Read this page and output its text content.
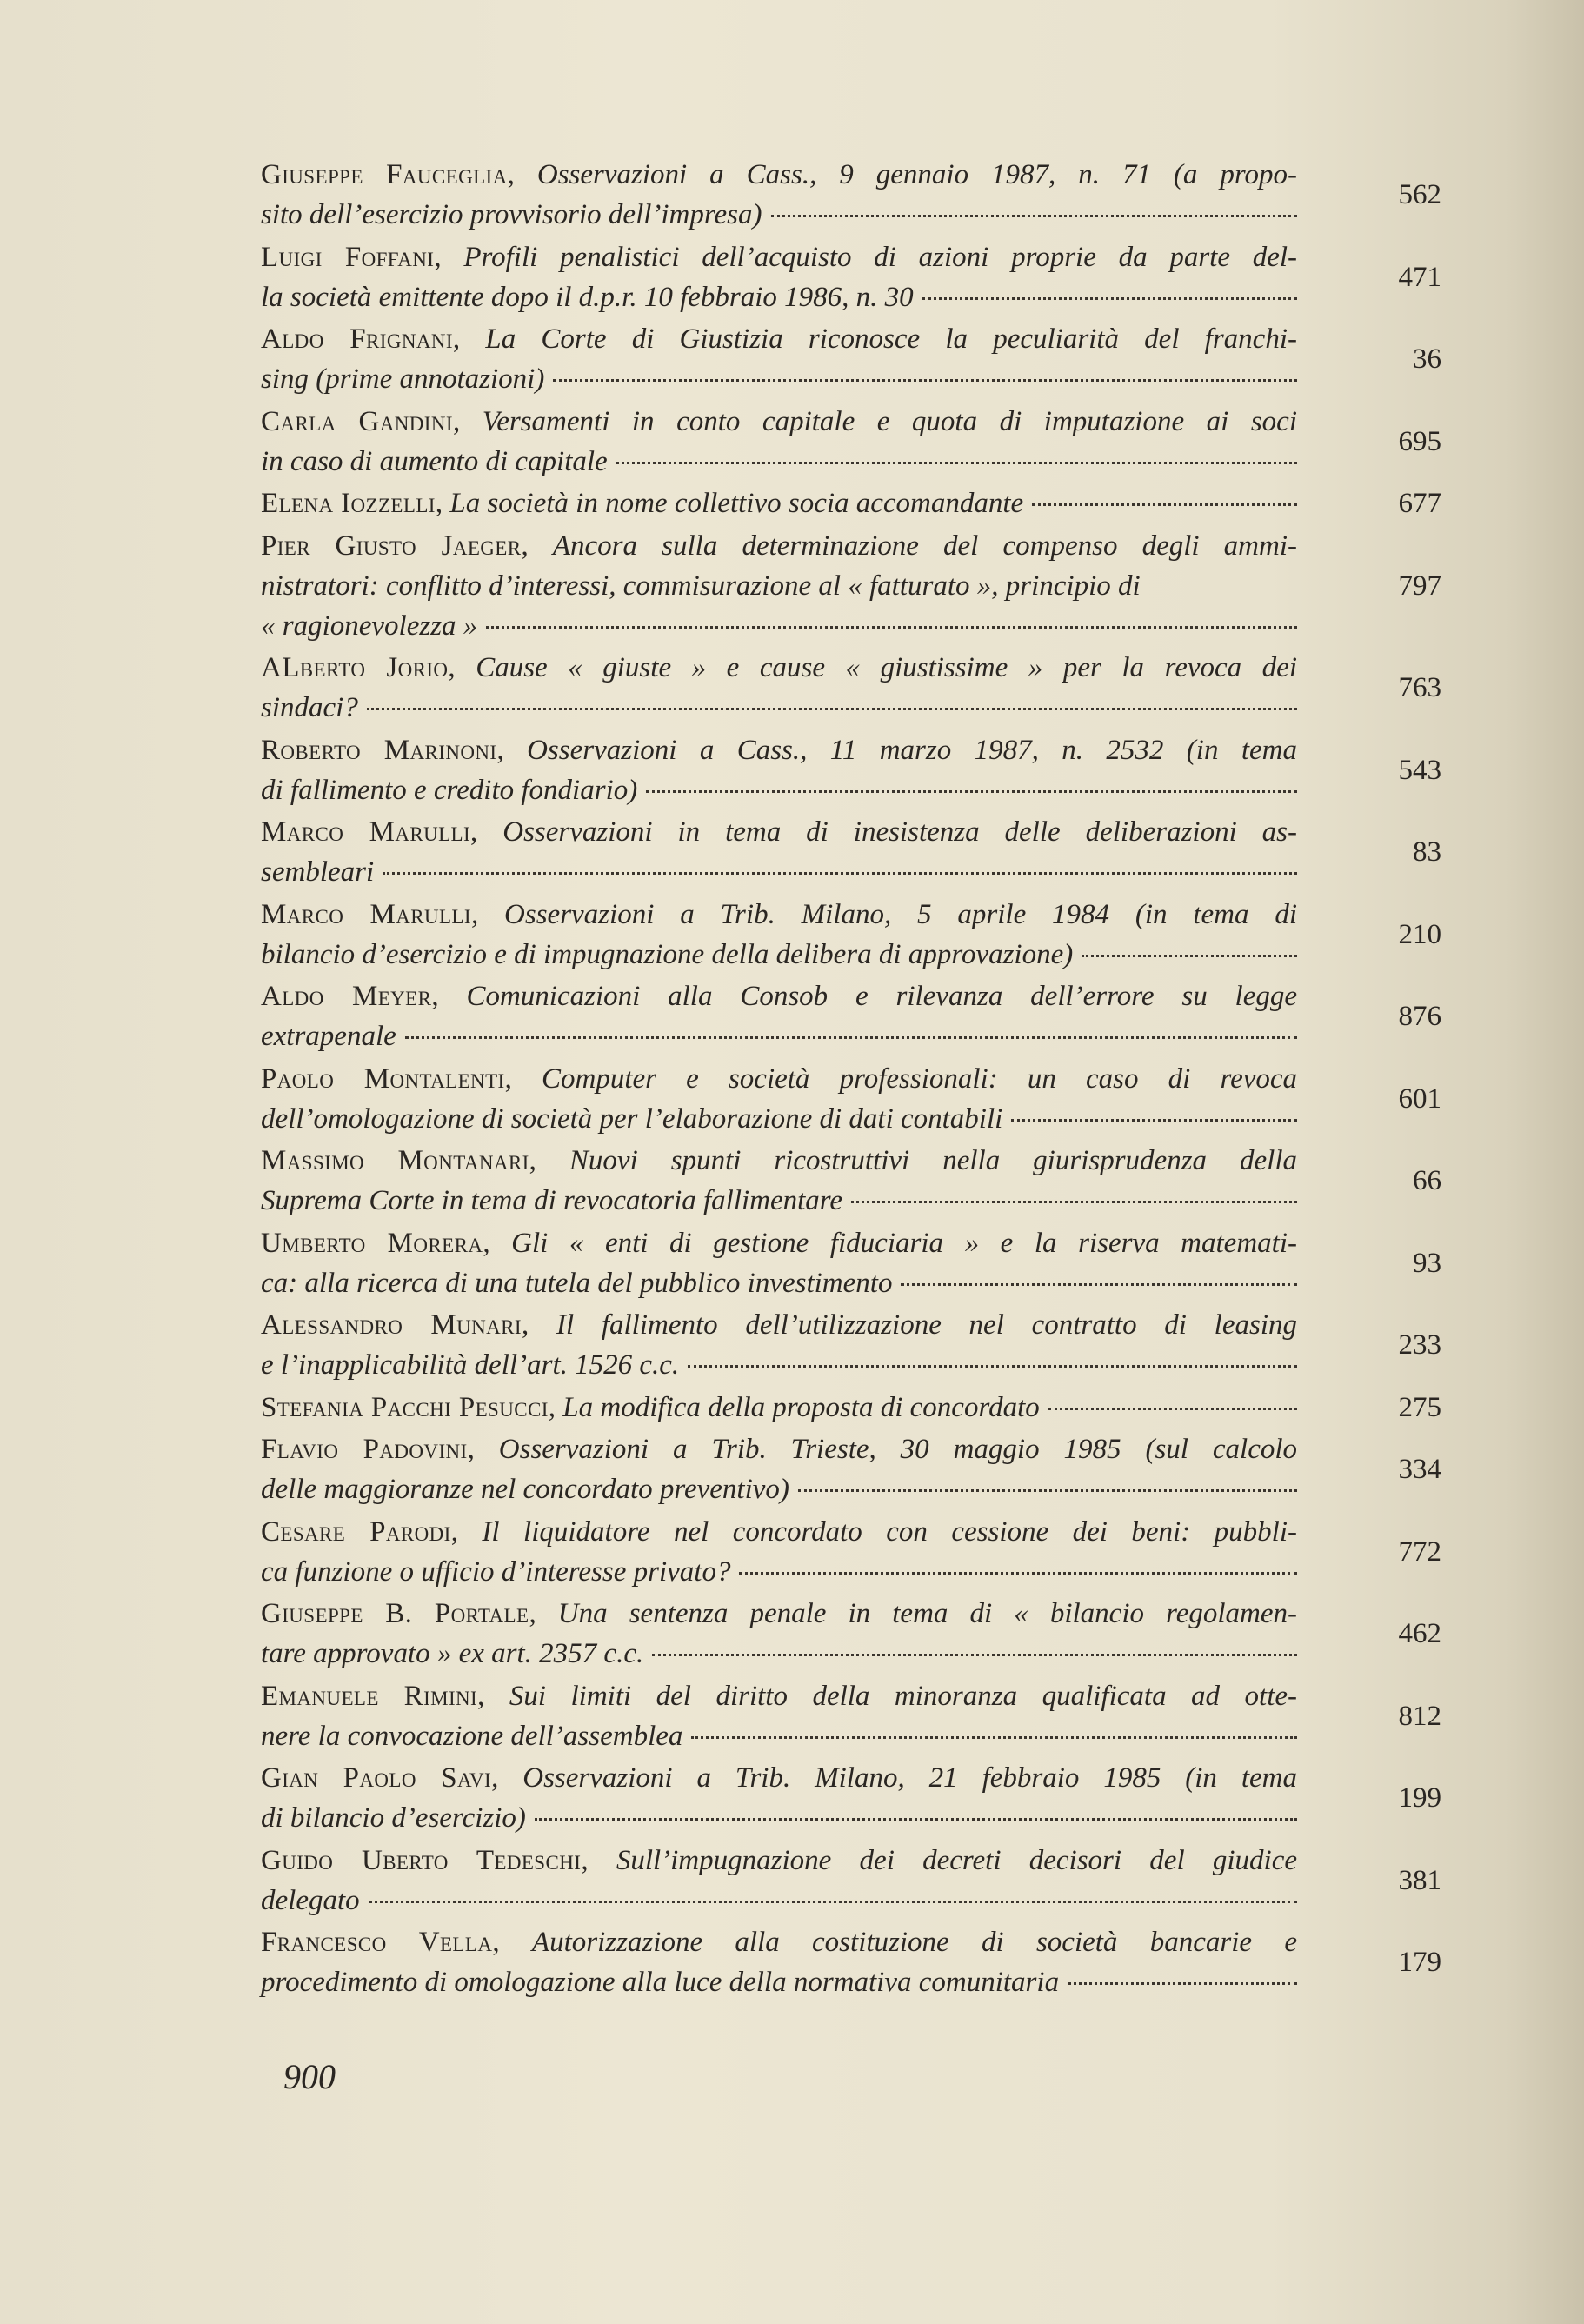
Giuseppe Fauceglia, Osservazioni a Cass., 9 gennaio 1987, n. 71 (a propo-
sito dell’esercizio provvisorio dell’impresa)
562
Luigi Foffani, Profili penalistici dell’acquisto di azioni proprie da parte del-
la società emittente dopo il d.p.r. 10 febbraio 1986, n. 30
471
Aldo Frignani, La Corte di Giustizia riconosce la peculiarità del franchi-
sing (prime annotazioni)
36
Carla Gandini, Versamenti in conto capitale e quota di imputazione ai soci
in caso di aumento di capitale
695
Elena Iozzelli, La società in nome collettivo socia accomandante	677
Pier Giusto Jaeger, Ancora sulla determinazione del compenso degli ammi-
nistratori: conflitto d’interessi, commisurazione al « fatturato », principio di
« ragionevolezza »
797
ALberto Jorio, Cause « giuste » e cause « giustissime » per la revoca dei
sindaci?
763
Roberto Marinoni, Osservazioni a Cass., 11 marzo 1987, n. 2532 (in tema
di fallimento e credito fondiario)
543
Marco Marulli, Osservazioni in tema di inesistenza delle deliberazioni as-
sembleari
83
Marco Marulli, Osservazioni a Trib. Milano, 5 aprile 1984 (in tema di
bilancio d’esercizio e di impugnazione della delibera di approvazione)
210
Aldo Meyer, Comunicazioni alla Consob e rilevanza dell’errore su legge
extrapenale
876
Paolo Montalenti, Computer e società professionali: un caso di revoca
dell’omologazione di società per l’elaborazione di dati contabili
601
Massimo Montanari, Nuovi spunti ricostruttivi nella giurisprudenza della
Suprema Corte in tema di revocatoria fallimentare
66
Umberto Morera, Gli « enti di gestione fiduciaria » e la riserva matemati-
ca: alla ricerca di una tutela del pubblico investimento
93
Alessandro Munari, Il fallimento dell’utilizzazione nel contratto di leasing
e l’inapplicabilità dell’art. 1526 c.c.
233
Stefania Pacchi Pesucci, La modifica della proposta di concordato	275
Flavio Padovini, Osservazioni a Trib. Trieste, 30 maggio 1985 (sul calcolo
delle maggioranze nel concordato preventivo)
334
Cesare Parodi, Il liquidatore nel concordato con cessione dei beni: pubbli-
ca funzione o ufficio d’interesse privato?
772
Giuseppe B. Portale, Una sentenza penale in tema di « bilancio regolamen-
tare approvato » ex art. 2357 c.c.
462
Emanuele Rimini, Sui limiti del diritto della minoranza qualificata ad otte-
nere la convocazione dell’assemblea
812
Gian Paolo Savi, Osservazioni a Trib. Milano, 21 febbraio 1985 (in tema
di bilancio d’esercizio)
199
Guido Uberto Tedeschi, Sull’impugnazione dei decreti decisori del giudice
delegato
381
Francesco Vella, Autorizzazione alla costituzione di società bancarie e
procedimento di omologazione alla luce della normativa comunitaria
179
900
